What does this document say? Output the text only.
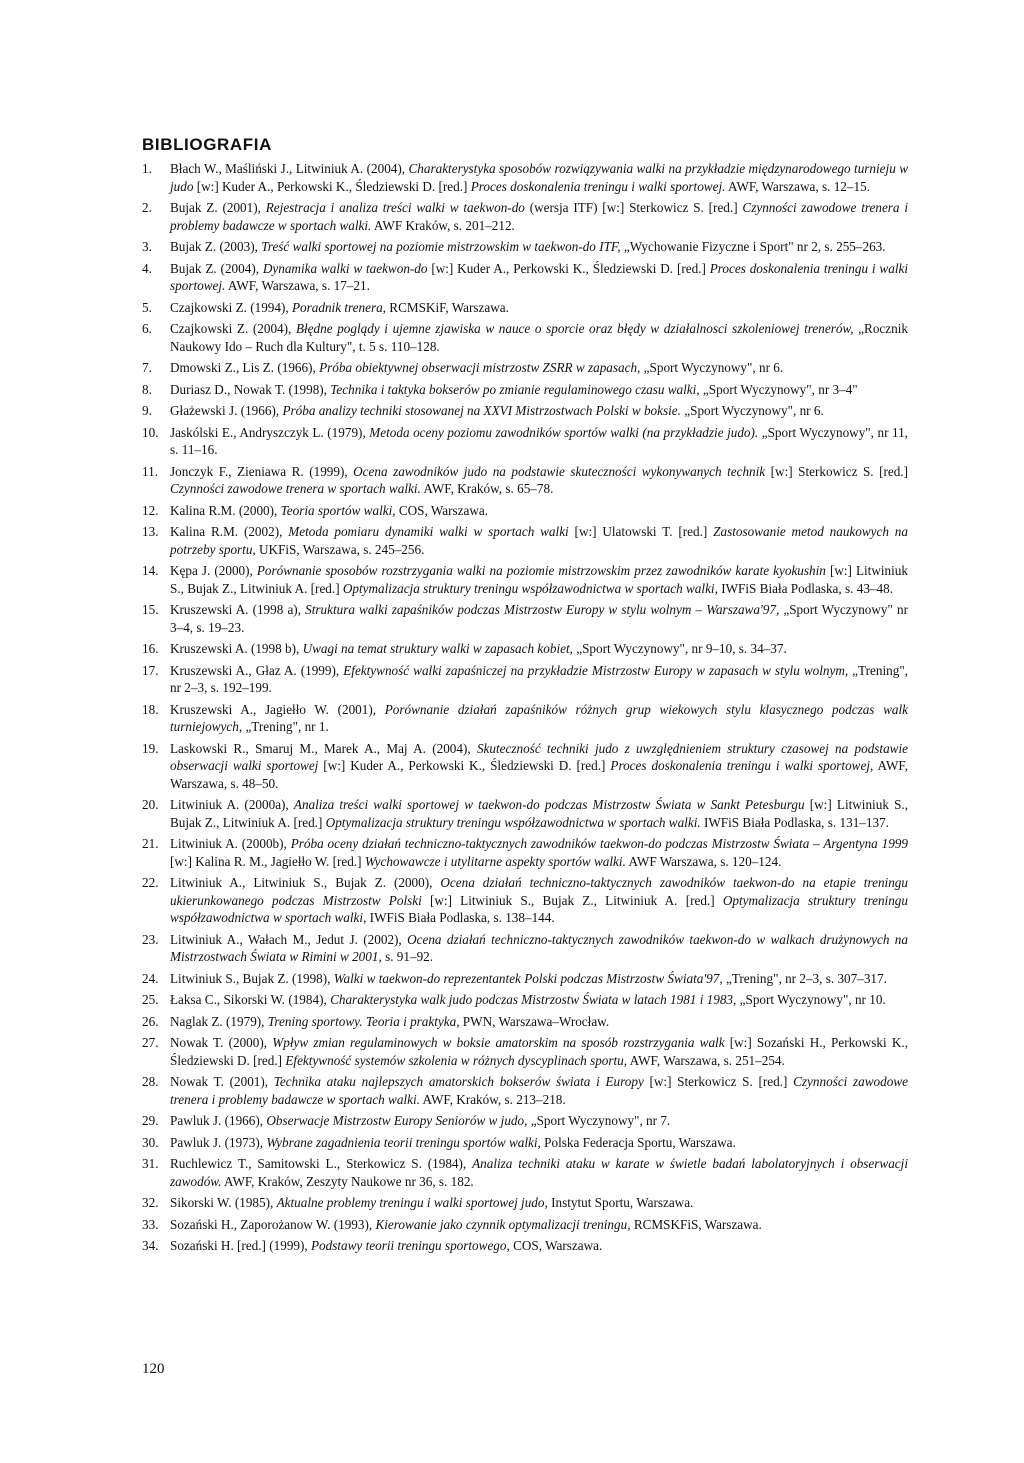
BIBLIOGRAFIA
1.	Błach W., Maśliński J., Litwiniuk A. (2004), Charakterystyka sposobów rozwiązywania walki na przykładzie międzynarodowego turnieju w judo [w:] Kuder A., Perkowski K., Śledziewski D. [red.] Proces doskonalenia treningu i walki sportowej. AWF, Warszawa, s. 12–15.
2.	Bujak Z. (2001), Rejestracja i analiza treści walki w taekwon-do (wersja ITF) [w:] Sterkowicz S. [red.] Czynności zawodowe trenera i problemy badawcze w sportach walki. AWF Kraków, s. 201–212.
3.	Bujak Z. (2003), Treść walki sportowej na poziomie mistrzowskim w taekwon-do ITF, „Wychowanie Fizyczne i Sport" nr 2, s. 255–263.
4.	Bujak Z. (2004), Dynamika walki w taekwon-do [w:] Kuder A., Perkowski K., Śledziewski D. [red.] Proces doskonalenia treningu i walki sportowej. AWF, Warszawa, s. 17–21.
5.	Czajkowski Z. (1994), Poradnik trenera, RCMSKiF, Warszawa.
6.	Czajkowski Z. (2004), Błędne poglądy i ujemne zjawiska w nauce o sporcie oraz błędy w działalnosci szkoleniowej trenerów, „Rocznik Naukowy Ido – Ruch dla Kultury", t. 5 s. 110–128.
7.	Dmowski Z., Lis Z. (1966), Próba obiektywnej obserwacji mistrzostw ZSRR w zapasach, „Sport Wyczynowy", nr 6.
8.	Duriasz D., Nowak T. (1998), Technika i taktyka bokserów po zmianie regulaminowego czasu walki, „Sport Wyczynowy", nr 3–4"
9.	Głażewski J. (1966), Próba analizy techniki stosowanej na XXVI Mistrzostwach Polski w boksie. „Sport Wyczynowy", nr 6.
10. Jaskólski E., Andryszczyk L. (1979), Metoda oceny poziomu zawodników sportów walki (na przykładzie judo). „Sport Wyczynowy", nr 11, s. 11–16.
11. Jonczyk F., Zieniawa R. (1999), Ocena zawodników judo na podstawie skuteczności wykonywanych technik [w:] Sterkowicz S. [red.] Czynności zawodowe trenera w sportach walki. AWF, Kraków, s. 65–78.
12. Kalina R.M. (2000), Teoria sportów walki, COS, Warszawa.
13. Kalina R.M. (2002), Metoda pomiaru dynamiki walki w sportach walki [w:] Ulatowski T. [red.] Zastosowanie metod naukowych na potrzeby sportu, UKFiS, Warszawa, s. 245–256.
14. Kępa J. (2000), Porównanie sposobów rozstrzygania walki na poziomie mistrzowskim przez zawodników karate kyokushin [w:] Litwiniuk S., Bujak Z., Litwiniuk A. [red.] Optymalizacja struktury treningu współzawodnictwa w sportach walki, IWFiS Biała Podlaska, s. 43–48.
15. Kruszewski A. (1998 a), Struktura walki zapaśników podczas Mistrzostw Europy w stylu wolnym – Warszawa'97, „Sport Wyczynowy" nr 3–4, s. 19–23.
16. Kruszewski A. (1998 b), Uwagi na temat struktury walki w zapasach kobiet, „Sport Wyczynowy", nr 9–10, s. 34–37.
17. Kruszewski A., Głaz A. (1999), Efektywność walki zapaśniczej na przykładzie Mistrzostw Europy w zapasach w stylu wolnym, „Trening", nr 2–3, s. 192–199.
18. Kruszewski A., Jagiełło W. (2001), Porównanie działań zapaśników różnych grup wiekowych stylu klasycznego podczas walk turniejowych, „Trening", nr 1.
19. Laskowski R., Smaruj M., Marek A., Maj A. (2004), Skuteczność techniki judo z uwzględnieniem struktury czasowej na podstawie obserwacji walki sportowej [w:] Kuder A., Perkowski K., Śledziewski D. [red.] Proces doskonalenia treningu i walki sportowej, AWF, Warszawa, s. 48–50.
20. Litwiniuk A. (2000a), Analiza treści walki sportowej w taekwon-do podczas Mistrzostw Świata w Sankt Petesburgu [w:] Litwiniuk S., Bujak Z., Litwiniuk A. [red.] Optymalizacja struktury treningu współzawodnictwa w sportach walki. IWFiS Biała Podlaska, s. 131–137.
21. Litwiniuk A. (2000b), Próba oceny działań techniczno-taktycznych zawodników taekwon-do podczas Mistrzostw Świata – Argentyna 1999 [w:] Kalina R. M., Jagiełło W. [red.] Wychowawcze i utylitarne aspekty sportów walki. AWF Warszawa, s. 120–124.
22. Litwiniuk A., Litwiniuk S., Bujak Z. (2000), Ocena działań techniczno-taktycznych zawodników taekwon-do na etapie treningu ukierunkowanego podczas Mistrzostw Polski [w:] Litwiniuk S., Bujak Z., Litwiniuk A. [red.] Optymalizacja struktury treningu współzawodnictwa w sportach walki, IWFiS Biała Podlaska, s. 138–144.
23. Litwiniuk A., Wałach M., Jedut J. (2002), Ocena działań techniczno-taktycznych zawodników taekwon-do w walkach drużynowych na Mistrzostwach Świata w Rimini w 2001, s. 91–92.
24. Litwiniuk S., Bujak Z. (1998), Walki w taekwon-do reprezentantek Polski podczas Mistrzostw Świata'97, „Trening", nr 2–3, s. 307–317.
25. Łaksa C., Sikorski W. (1984), Charakterystyka walk judo podczas Mistrzostw Świata w latach 1981 i 1983, „Sport Wyczynowy", nr 10.
26. Naglak Z. (1979), Trening sportowy. Teoria i praktyka, PWN, Warszawa–Wrocław.
27. Nowak T. (2000), Wpływ zmian regulaminowych w boksie amatorskim na sposób rozstrzygania walk [w:] Sozański H., Perkowski K., Śledziewski D. [red.] Efektywność systemów szkolenia w różnych dyscyplinach sportu, AWF, Warszawa, s. 251–254.
28. Nowak T. (2001), Technika ataku najlepszych amatorskich bokserów świata i Europy [w:] Sterkowicz S. [red.] Czynności zawodowe trenera i problemy badawcze w sportach walki. AWF, Kraków, s. 213–218.
29. Pawluk J. (1966), Obserwacje Mistrzostw Europy Seniorów w judo, „Sport Wyczynowy", nr 7.
30. Pawluk J. (1973), Wybrane zagadnienia teorii treningu sportów walki, Polska Federacja Sportu, Warszawa.
31. Ruchlewicz T., Samitowski L., Sterkowicz S. (1984), Analiza techniki ataku w karate w świetle badań labolatoryjnych i obserwacji zawodów. AWF, Kraków, Zeszyty Naukowe nr 36, s. 182.
32. Sikorski W. (1985), Aktualne problemy treningu i walki sportowej judo, Instytut Sportu, Warszawa.
33. Sozański H., Zaporożanow W. (1993), Kierowanie jako czynnik optymalizacji treningu, RCMSKFiS, Warszawa.
34. Sozański H. [red.] (1999), Podstawy teorii treningu sportowego, COS, Warszawa.
120
